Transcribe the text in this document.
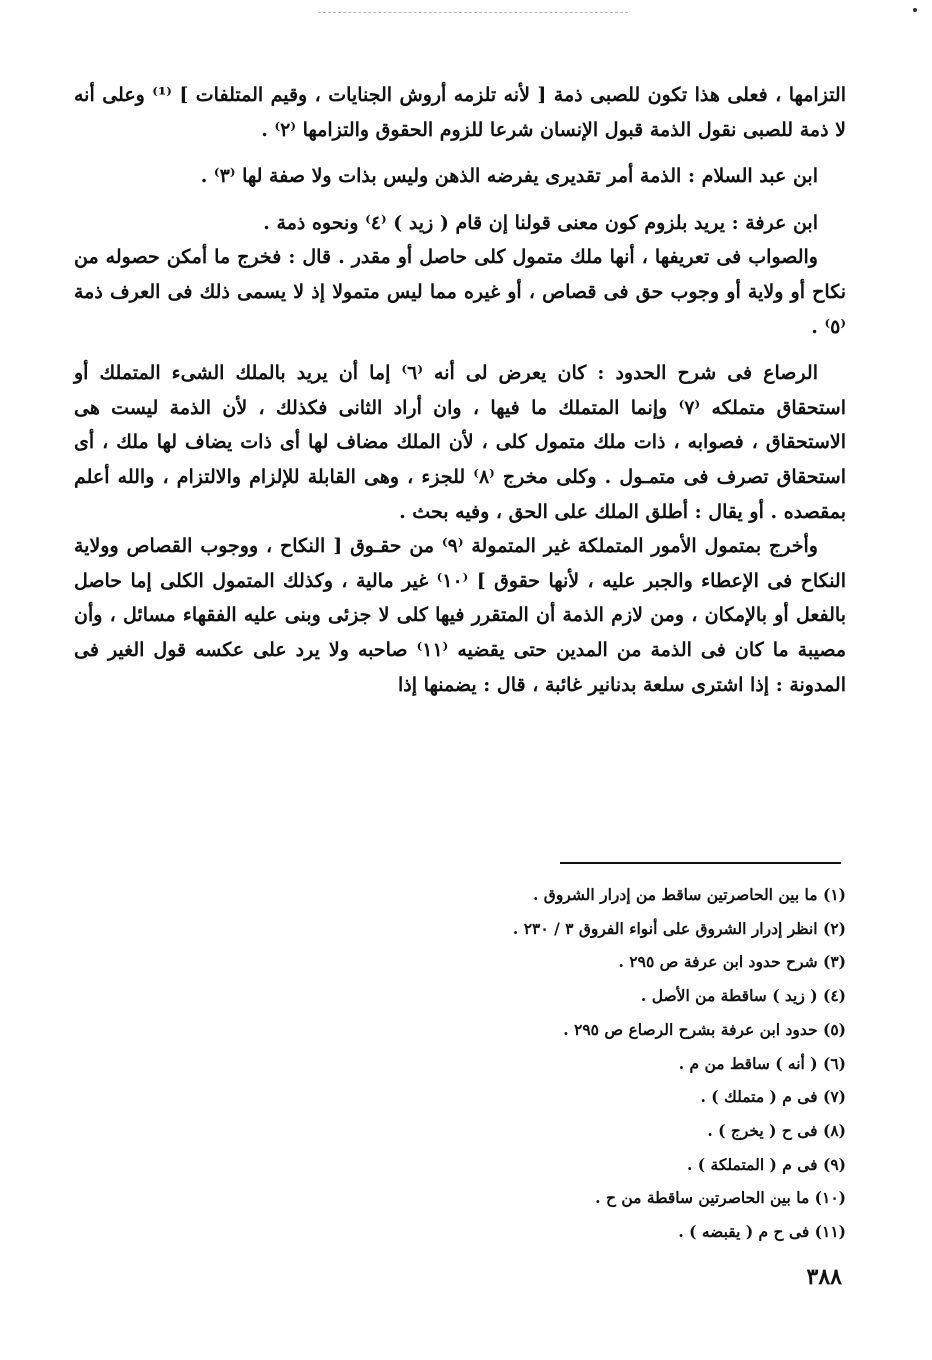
التزامها ، فعلى هذا تكون للصبى ذمة [ لأنه تلزمه أروش الجنايات ، وقيم المتلفات ] ⁽¹⁾ وعلى أنه لا ذمة للصبى نقول الذمة قبول الإنسان شرعا للزوم الحقوق والتزامها ⁽٢⁾ .

ابن عبد السلام : الذمة أمر تقديرى يفرضه الذهن وليس بذات ولا صفة لها ⁽٣⁾ .

ابن عرفة : يريد بلزوم كون معنى قولنا إن قام ( زيد ) ⁽٤⁾ ونحوه ذمة .

والصواب فى تعريفها ، أنها ملك متمول كلى حاصل أو مقدر . قال : فخرج ما أمكن حصوله من نكاح أو ولاية أو وجوب حق فى قصاص ، أو غيره مما ليس متمولا إذ لا يسمى ذلك فى العرف ذمة ⁽٥⁾ .

الرصاع فى شرح الحدود : كان يعرض لى أنه ⁽٦⁾ إما أن يريد بالملك الشىء المتملك أو استحقاق متملكه ⁽٧⁾ وإنما المتملك ما فيها ، وان أراد الثانى فكذلك ، لأن الذمة ليست هى الاستحقاق ، فصوابه ، ذات ملك متمول كلى ، لأن الملك مضاف لها أى ذات يضاف لها ملك ، أى استحقاق تصرف فى متمـول . وكلى مخرج ⁽٨⁾ للجزء ، وهى القابلة للإلزام والالتزام ، والله أعلم بمقصده . أو يقال : أطلق الملك على الحق ، وفيه بحث .

وأخرج بمتمول الأمور المتملكة غير المتمولة ⁽٩⁾ من حقـوق [ النكاح ، ووجوب القصاص وولاية النكاح فى الإعطاء والجبر عليه ، لأنها حقوق ] ⁽١٠⁾ غير مالية ، وكذلك المتمول الكلى إما حاصل بالفعل أو بالإمكان ، ومن لازم الذمة أن المتقرر فيها كلى لا جزئى وبنى عليه الفقهاء مسائل ، وأن مصيبة ما كان فى الذمة من المدين حتى يقضيه ⁽١١⁾ صاحبه ولا يرد على عكسه قول الغير فى المدونة : إذا اشترى سلعة بدنانير غائبة ، قال : يضمنها إذا

(١) ما بين الحاصرتين ساقط من إدرار الشروق .
(٢) انظر إدرار الشروق على أنواء الفروق ٣ / ٢٣٠ .
(٣) شرح حدود ابن عرفة ص ٢٩٥ .
(٤) ( زيد ) ساقطة من الأصل .
(٥) حدود ابن عرفة بشرح الرصاع ص ٢٩٥ .
(٦) ( أنه ) ساقط من م .
(٧) فى م ( متملك ) .
(٨) فى ح ( يخرج ) .
(٩) فى م ( المتملكة ) .
(١٠) ما بين الحاصرتين ساقطة من ح .
(١١) فى ح م ( يقبضه ) .
٣٨٨
